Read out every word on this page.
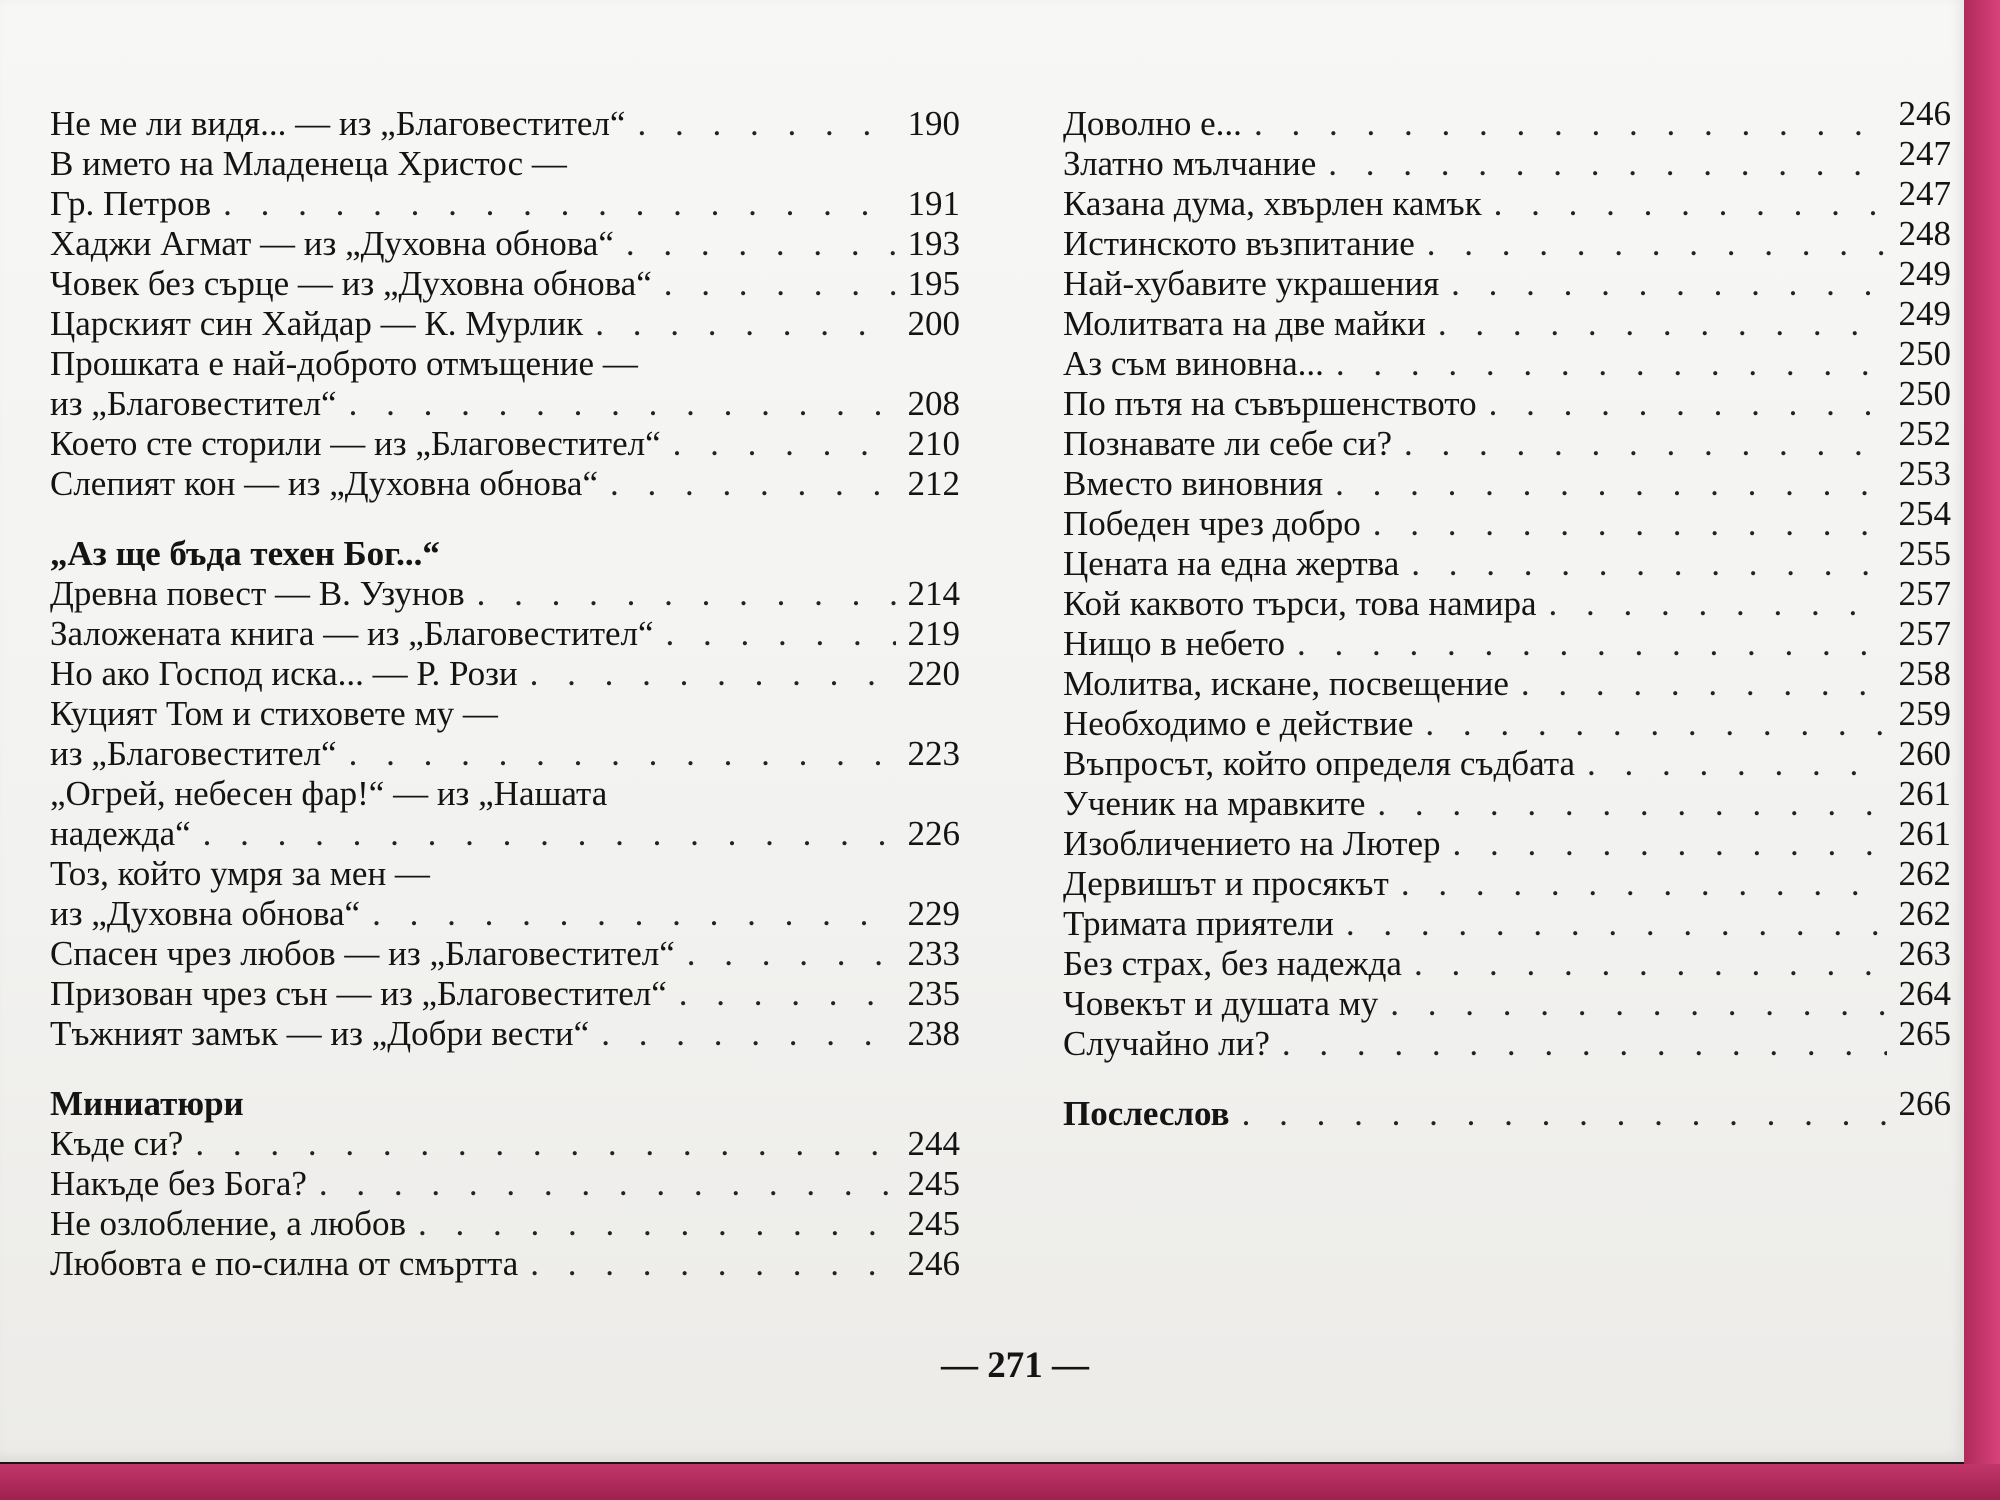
Не ме ли видя... — из „Благовестител“ . . .	190
В името на Младенеца Христос —
Гр. Петров . . .	191
Хаджи Агмат — из „Духовна обнова“ . . .	193
Човек без сърце — из „Духовна обнова“ . . .	195
Царският син Хайдар — К. Мурлик . . .	200
Прошката е най-доброто отмъщение —
из „Благовестител“ . . .	208
Което сте сторили — из „Благовестител“ . . .	210
Слепият кон — из „Духовна обнова“ . . .	212
„Аз ще бъда техен Бог...“
Древна повест — В. Узунов . . .	214
Заложената книга — из „Благовестител“ . . .	219
Но ако Господ иска... — Р. Рози . . .	220
Куцият Том и стиховете му —
из „Благовестител“ . . .	223
„Огрей, небесен фар!“ — из „Нашата
надежда“ . . .	226
Тоз, който умря за мен —
из „Духовна обнова“ . . .	229
Спасен чрез любов — из „Благовестител“ . . .	233
Призован чрез сън — из „Благовестител“ . . .	235
Тъжният замък — из „Добри вести“ . . .	238
Миниатюри
Къде си? . . .	244
Накъде без Бога? . . .	245
Не озлобление, а любов . . .	245
Любовта е по-силна от смъртта . . .	246
Доволно е... . . .	246
Златно мълчание . . .	247
Казана дума, хвърлен камък . . .	247
Истинското възпитание . . .	248
Най-хубавите украшения . . .	249
Молитвата на две майки . . .	249
Аз съм виновна... . . .	250
По пътя на съвършенството . . .	250
Познавате ли себе си? . . .	252
Вместо виновния . . .	253
Победен чрез добро . . .	254
Цената на една жертва . . .	255
Кой каквото търси, това намира . . .	257
Нищо в небето . . .	257
Молитва, искане, посвещение . . .	258
Необходимо е действие . . .	259
Въпросът, който определя съдбата . . .	260
Ученик на мравките . . .	261
Изобличението на Лютер . . .	261
Дервишът и просякът . . .	262
Тримата приятели . . .	262
Без страх, без надежда . . .	263
Човекът и душата му . . .	264
Случайно ли? . . .	265
Послеслов . . .	266
— 271 —
